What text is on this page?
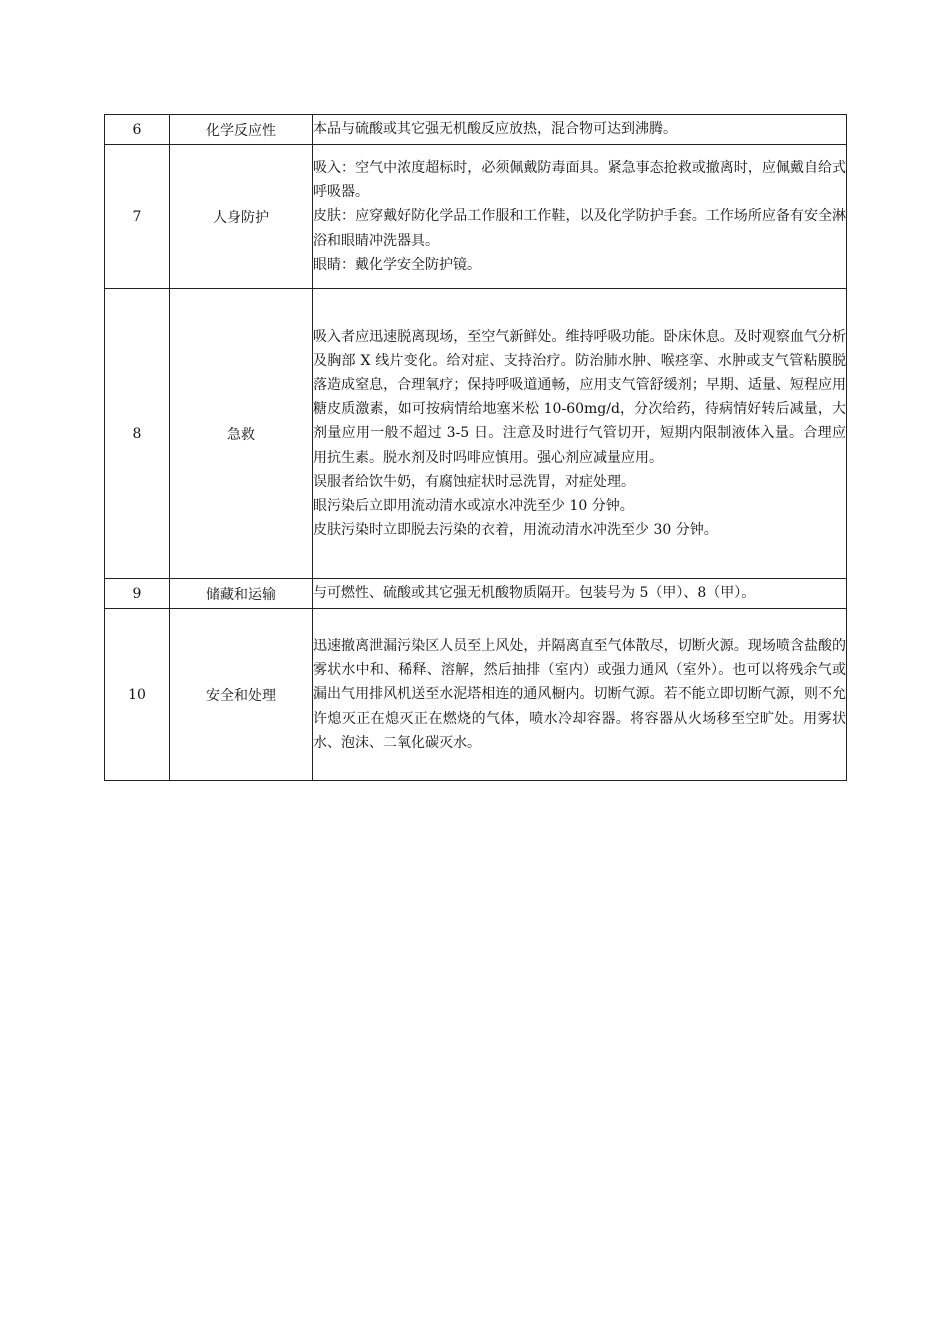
6	化学反应性	本品与硫酸或其它强无机酸反应放热，混合物可达到沸腾。

7	人身防护	吸入：空气中浓度超标时，必须佩戴防毒面具。紧急事态抢救或撤离时，应佩戴自给式呼吸器。

皮肤：应穿戴好防化学品工作服和工作鞋，以及化学防护手套。工作场所应备有安全淋浴和眼睛冲洗器具。

眼睛：戴化学安全防护镜。

8	急救	吸入者应迅速脱离现场，至空气新鲜处。维持呼吸功能。卧床休息。及时观察血气分析及胸部 X 线片变化。给对症、支持治疗。防治肺水肿、喉痉挛、水肿或支气管粘膜脱落造成窒息，合理氧疗；保持呼吸道通畅，应用支气管舒缓剂；早期、适量、短程应用糖皮质激素，如可按病情给地塞米松 10-60mg/d，分次给药，待病情好转后减量，大剂量应用一般不超过 3-5 日。注意及时进行气管切开，短期内限制液体入量。合理应用抗生素。脱水剂及时吗啡应慎用。强心剂应减量应用。

误服者给饮牛奶，有腐蚀症状时忌洗胃，对症处理。

眼污染后立即用流动清水或凉水冲洗至少 10 分钟。

皮肤污染时立即脱去污染的衣着，用流动清水冲洗至少 30 分钟。

9	储藏和运输	与可燃性、硫酸或其它强无机酸物质隔开。包装号为 5（甲）、8（甲）。

10	安全和处理	迅速撤离泄漏污染区人员至上风处，并隔离直至气体散尽，切断火源。现场喷含盐酸的雾状水中和、稀释、溶解，然后抽排（室内）或强力通风（室外）。也可以将残余气或漏出气用排风机送至水泥塔相连的通风橱内。切断气源。若不能立即切断气源，则不允许熄灭正在熄灭正在燃烧的气体，喷水冷却容器。将容器从火场移至空旷处。用雾状水、泡沫、二氧化碳灭水。
